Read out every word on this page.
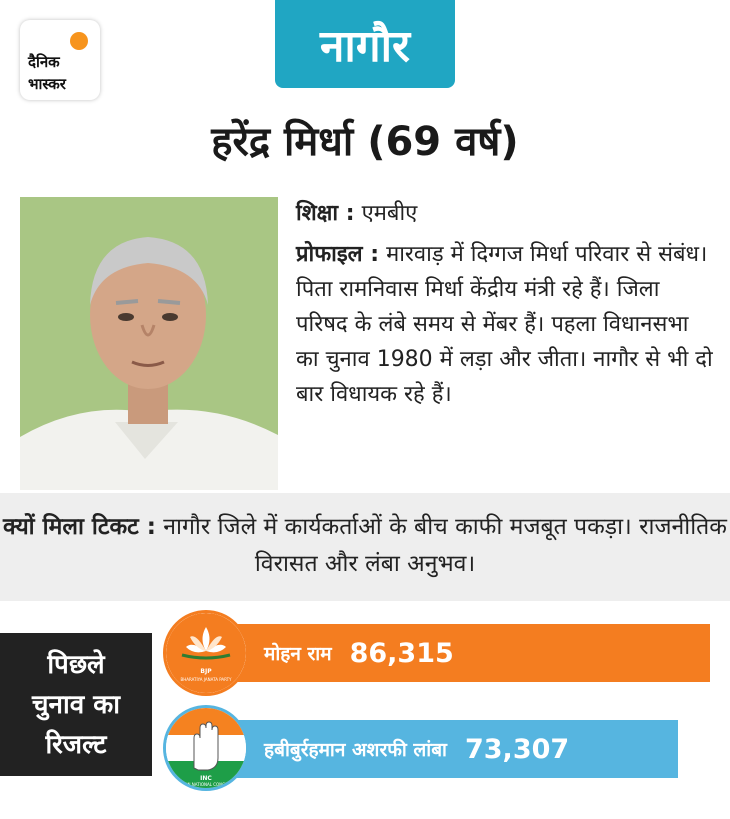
दैनिक
भास्कर
नागौर
हरेंद्र मिर्धा (69 वर्ष)

शिक्षा : एमबीए

प्रोफाइल : मारवाड़ में दिग्गज मिर्धा परिवार से संबंध। पिता रामनिवास मिर्धा केंद्रीय मंत्री रहे हैं। जिला परिषद के लंबे समय से मेंबर हैं। पहला विधानसभा का चुनाव 1980 में लड़ा और जीता। नागौर से भी दो बार विधायक रहे हैं।

क्यों मिला टिकट : नागौर जिले में कार्यकर्ताओं के बीच काफी मजबूत पकड़ा। राजनीतिक विरासत और लंबा अनुभव।
पिछले
चुनाव का
रिजल्ट
मोहन राम 86,315
BJP
BHARATIYA JANATA PARTY
हबीबुर्रहमान अशरफी लांबा 73,307
INC
INDIAN NATIONAL CONGRESS
